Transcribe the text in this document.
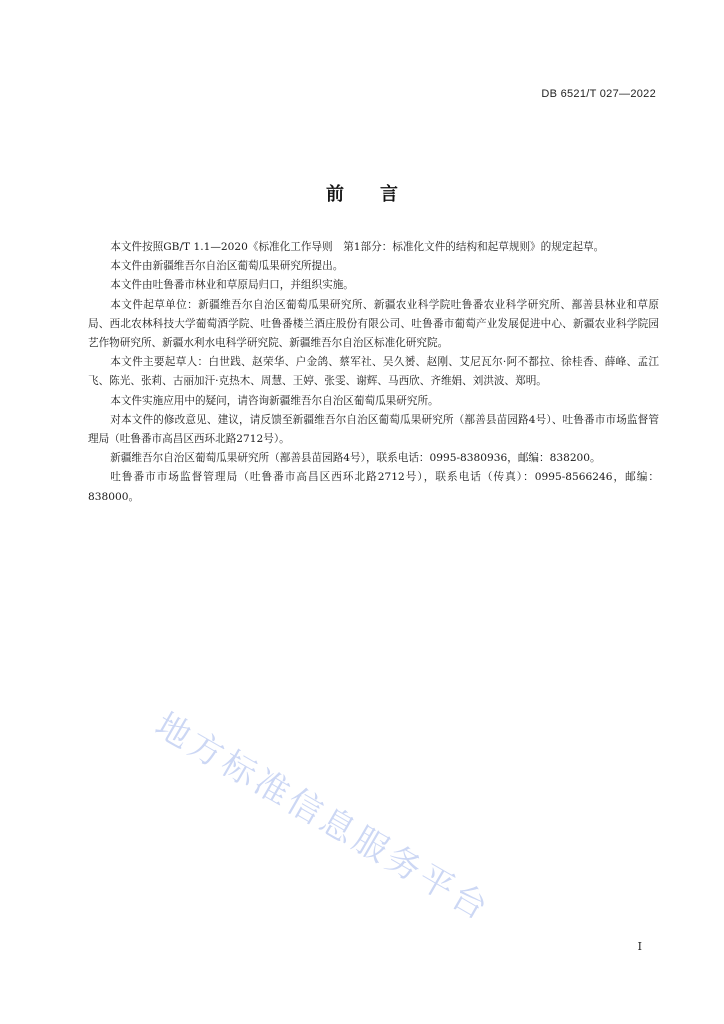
DB 6521/T 027—2022
前 言

本文件按照GB/T 1.1—2020《标准化工作导则　第1部分：标准化文件的结构和起草规则》的规定起草。

本文件由新疆维吾尔自治区葡萄瓜果研究所提出。

本文件由吐鲁番市林业和草原局归口，并组织实施。

本文件起草单位：新疆维吾尔自治区葡萄瓜果研究所、新疆农业科学院吐鲁番农业科学研究所、鄯善县林业和草原局、西北农林科技大学葡萄酒学院、吐鲁番楼兰酒庄股份有限公司、吐鲁番市葡萄产业发展促进中心、新疆农业科学院园艺作物研究所、新疆水利水电科学研究院、新疆维吾尔自治区标准化研究院。

本文件主要起草人：白世践、赵荣华、户金鸽、蔡军社、吴久赟、赵刚、艾尼瓦尔·阿不都拉、徐桂香、薛峰、孟江飞、陈光、张莉、古丽加汗·克热木、周慧、王婷、张雯、谢辉、马西欣、齐维娟、刘洪波、郑明。

本文件实施应用中的疑问，请咨询新疆维吾尔自治区葡萄瓜果研究所。

对本文件的修改意见、建议，请反馈至新疆维吾尔自治区葡萄瓜果研究所（鄯善县苗园路4号）、吐鲁番市市场监督管理局（吐鲁番市高昌区西环北路2712号）。

新疆维吾尔自治区葡萄瓜果研究所（鄯善县苗园路4号），联系电话：0995-8380936，邮编：838200。

吐鲁番市市场监督管理局（吐鲁番市高昌区西环北路2712号），联系电话（传真）：0995-8566246，邮编：838000。

地方标准信息服务平台
I
